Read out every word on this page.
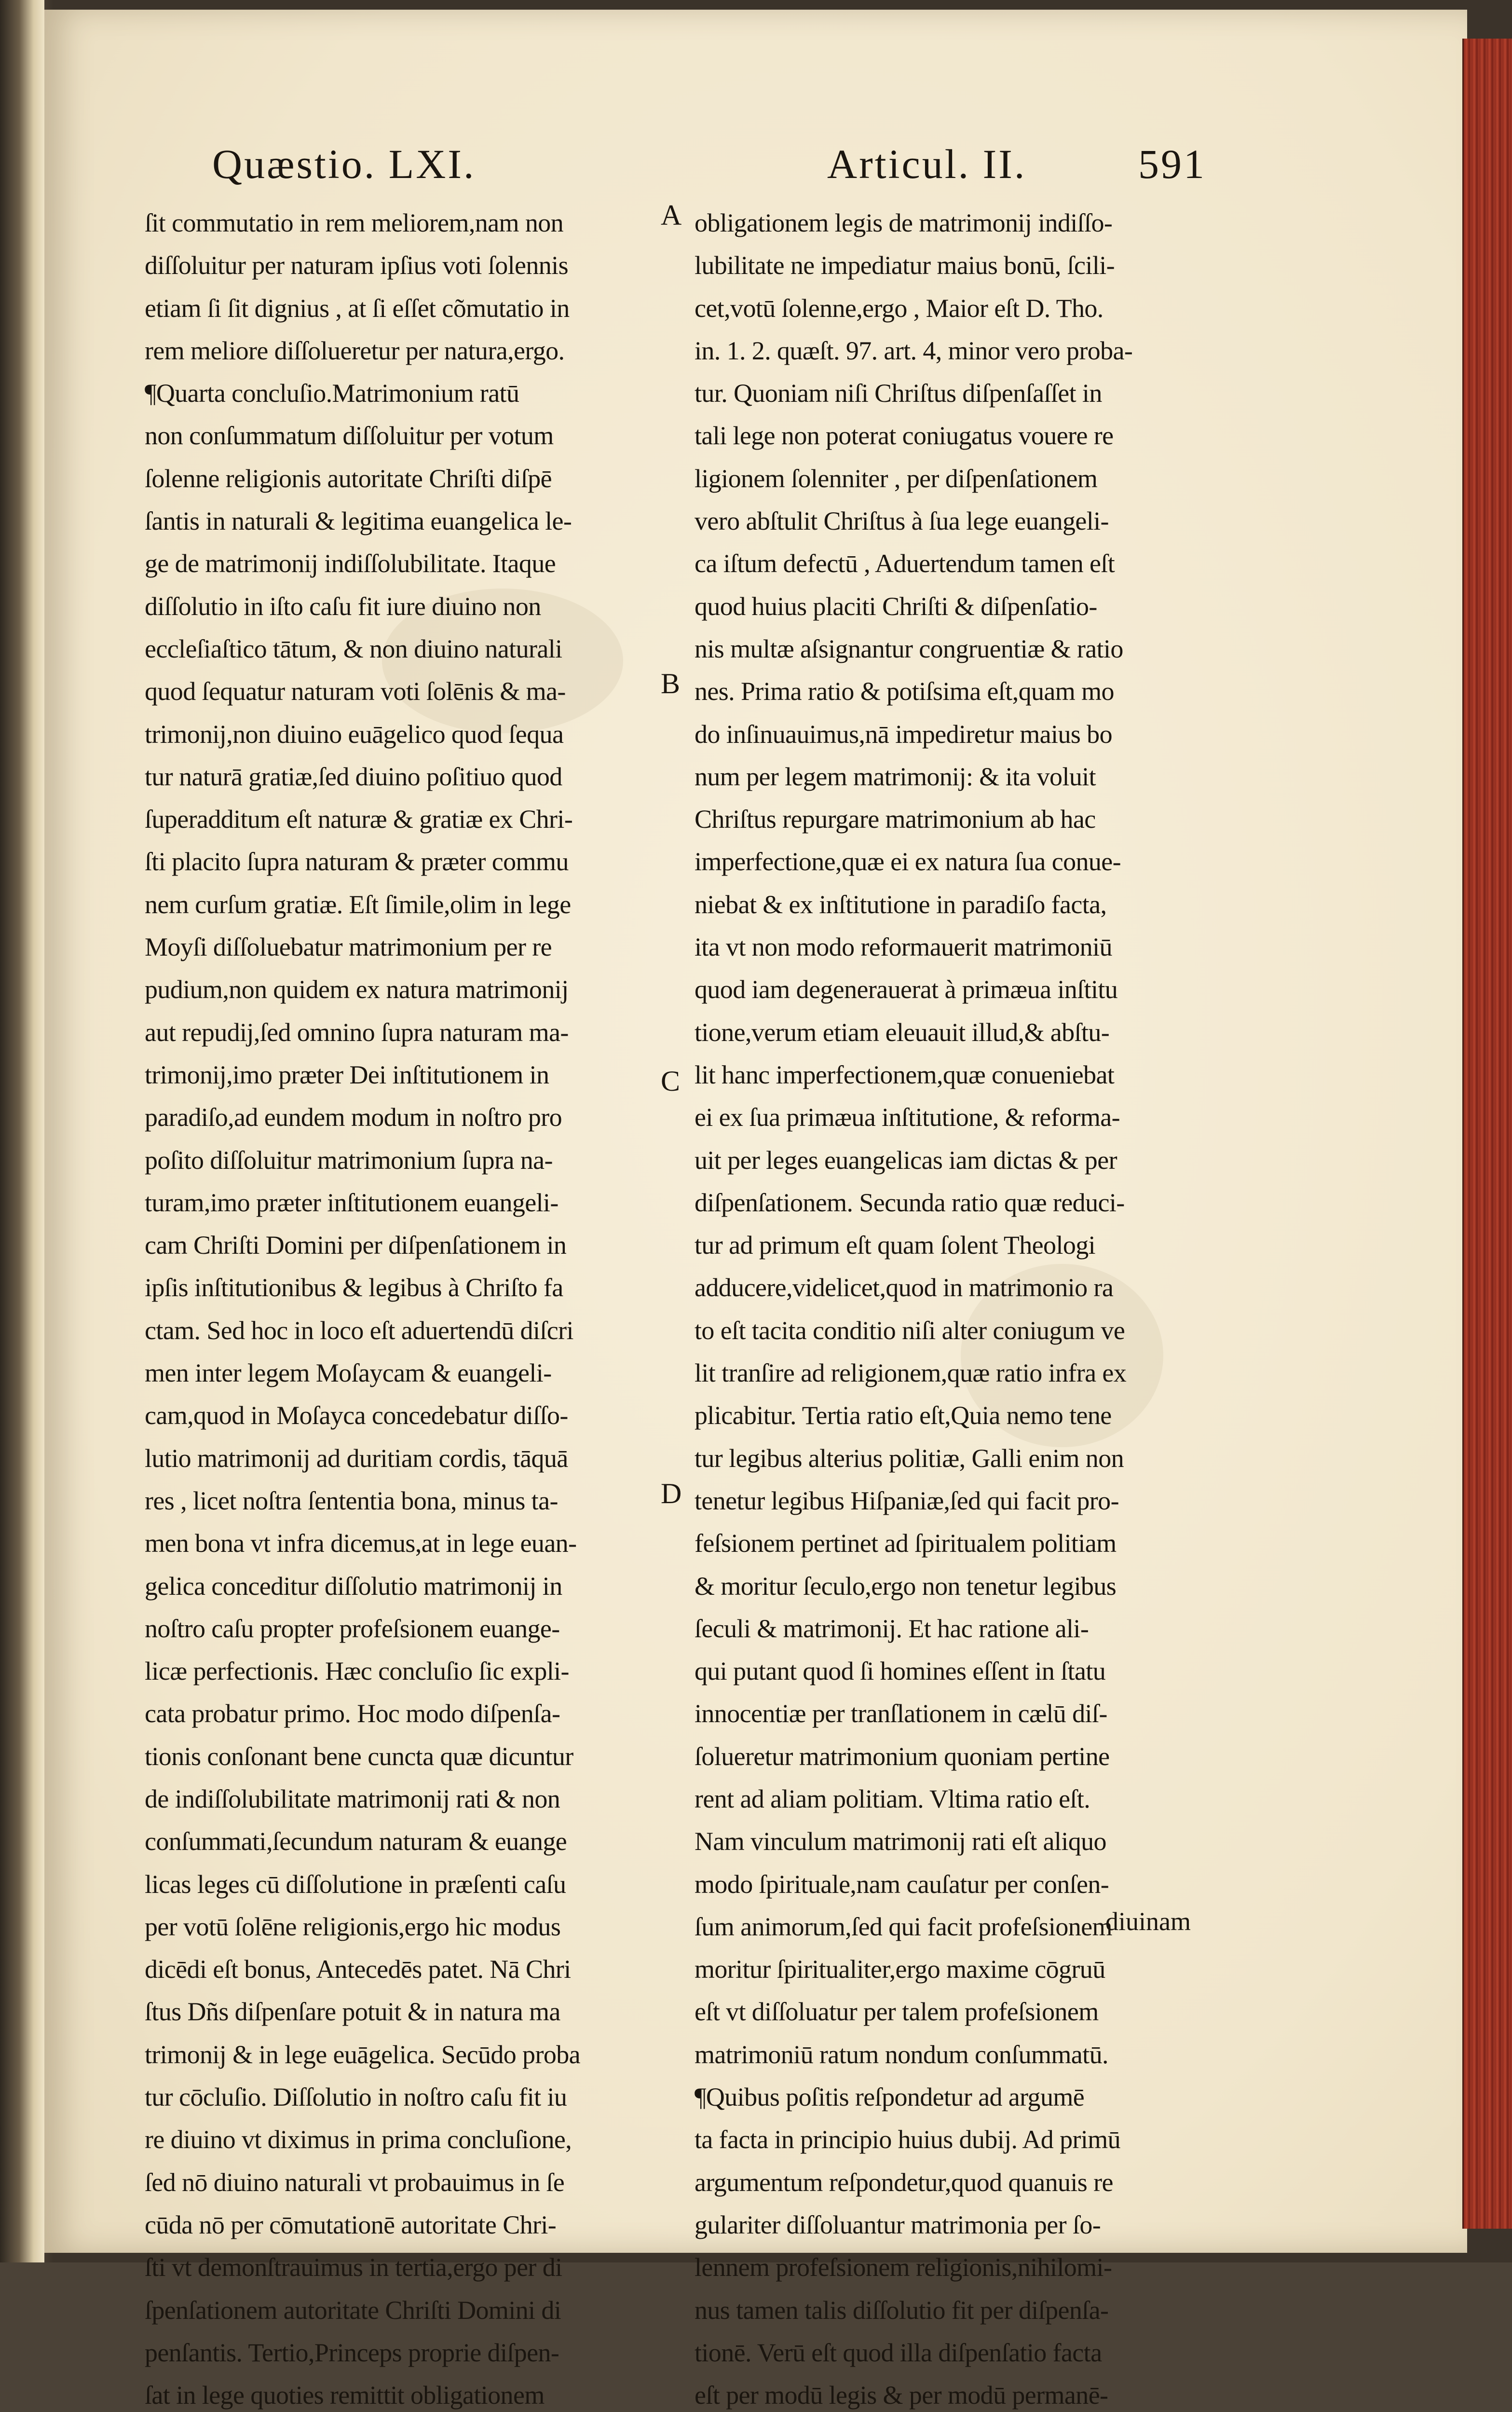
Quæstio. LXI.	Articul. II.	591
A
B
C
D
ſit commutatio in rem meliorem,nam non
diſſoluitur per naturam ipſius voti ſolennis
etiam ſi ſit dignius , at ſi eſſet cõmutatio in
rem meliore diſſolueretur per natura,ergo.
¶Quarta concluſio.Matrimonium ratū
non conſummatum diſſoluitur per votum
ſolenne religionis autoritate Chriſti diſpē
ſantis in naturali & legitima euangelica le-
ge de matrimonij indiſſolubilitate. Itaque
diſſolutio in iſto caſu fit iure diuino non
eccleſiaſtico tātum, & non diuino naturali
quod ſequatur naturam voti ſolēnis & ma-
trimonij,non diuino euāgelico quod ſequa
tur naturā gratiæ,ſed diuino poſitiuo quod
ſuperadditum eſt naturæ & gratiæ ex Chri-
ſti placito ſupra naturam & præter commu
nem curſum gratiæ. Eſt ſimile,olim in lege
Moyſi diſſoluebatur matrimonium per re
pudium,non quidem ex natura matrimonij
aut repudij,ſed omnino ſupra naturam ma-
trimonij,imo præter Dei inſtitutionem in
paradiſo,ad eundem modum in noſtro pro
poſito diſſoluitur matrimonium ſupra na-
turam,imo præter inſtitutionem euangeli-
cam Chriſti Domini per diſpenſationem in
ipſis inſtitutionibus & legibus à Chriſto fa
ctam. Sed hoc in loco eſt aduertendū diſcri
men inter legem Moſaycam & euangeli-
cam,quod in Moſayca concedebatur diſſo-
lutio matrimonij ad duritiam cordis, tāquā
res , licet noſtra ſententia bona, minus ta-
men bona vt infra dicemus,at in lege euan-
gelica conceditur diſſolutio matrimonij in
noſtro caſu propter profeſsionem euange-
licæ perfectionis. Hæc concluſio ſic expli-
cata probatur primo. Hoc modo diſpenſa-
tionis conſonant bene cuncta quæ dicuntur
de indiſſolubilitate matrimonij rati & non
conſummati,ſecundum naturam & euange
licas leges cū diſſolutione in præſenti caſu
per votū ſolēne religionis,ergo hic modus
dicēdi eſt bonus, Antecedēs patet. Nā Chri
ſtus Dñs diſpenſare potuit & in natura ma
trimonij & in lege euāgelica. Secūdo proba
tur cōcluſio. Diſſolutio in noſtro caſu fit iu
re diuino vt diximus in prima concluſione,
ſed nō diuino naturali vt probauimus in ſe
cūda nō per cōmutationē autoritate Chri-
ſti vt demonſtrauimus in tertia,ergo per di
ſpenſationem autoritate Chriſti Domini di
penſantis. Tertio,Princeps proprie diſpen-
ſat in lege quoties remittit obligationem
obligationem legis de matrimonij indiſſo-
lubilitate ne impediatur maius bonū, ſcili-
cet,votū ſolenne,ergo , Maior eſt D. Tho.
in. 1. 2. quæſt. 97. art. 4, minor vero proba-
tur. Quoniam niſi Chriſtus diſpenſaſſet in
tali lege non poterat coniugatus vouere re
ligionem ſolenniter , per diſpenſationem
vero abſtulit Chriſtus à ſua lege euangeli-
ca iſtum defectū , Aduertendum tamen eſt
quod huius placiti Chriſti & diſpenſatio-
nis multæ aſsignantur congruentiæ & ratio
nes. Prima ratio & potiſsima eſt,quam mo
do inſinuauimus,nā impediretur maius bo
num per legem matrimonij: & ita voluit
Chriſtus repurgare matrimonium ab hac
imperfectione,quæ ei ex natura ſua conue-
niebat & ex inſtitutione in paradiſo facta,
ita vt non modo reformauerit matrimoniū
quod iam degenerauerat à primæua inſtitu
tione,verum etiam eleuauit illud,& abſtu-
lit hanc imperfectionem,quæ conueniebat
ei ex ſua primæua inſtitutione, & reforma-
uit per leges euangelicas iam dictas & per
diſpenſationem. Secunda ratio quæ reduci-
tur ad primum eſt quam ſolent Theologi
adducere,videlicet,quod in matrimonio ra
to eſt tacita conditio niſi alter coniugum ve
lit tranſire ad religionem,quæ ratio infra ex
plicabitur. Tertia ratio eſt,Quia nemo tene
tur legibus alterius politiæ, Galli enim non
tenetur legibus Hiſpaniæ,ſed qui facit pro-
feſsionem pertinet ad ſpiritualem politiam
& moritur ſeculo,ergo non tenetur legibus
ſeculi & matrimonij. Et hac ratione ali-
qui putant quod ſi homines eſſent in ſtatu
innocentiæ per tranſlationem in cælū diſ-
ſolueretur matrimonium quoniam pertine
rent ad aliam politiam. Vltima ratio eſt.
Nam vinculum matrimonij rati eſt aliquo
modo ſpirituale,nam cauſatur per conſen-
ſum animorum,ſed qui facit profeſsionem
moritur ſpiritualiter,ergo maxime cōgruū
eſt vt diſſoluatur per talem profeſsionem
matrimoniū ratum nondum conſummatū.
¶Quibus poſitis reſpondetur ad argumē
ta facta in principio huius dubij. Ad primū
argumentum reſpondetur,quod quanuis re
gulariter diſſoluantur matrimonia per ſo-
lennem profeſsionem religionis,nihilomi-
nus tamen talis diſſolutio fit per diſpenſa-
tionē. Verū eſt quod illa diſpenſatio facta
eſt per modū legis & per modū permanē-
diuinam
